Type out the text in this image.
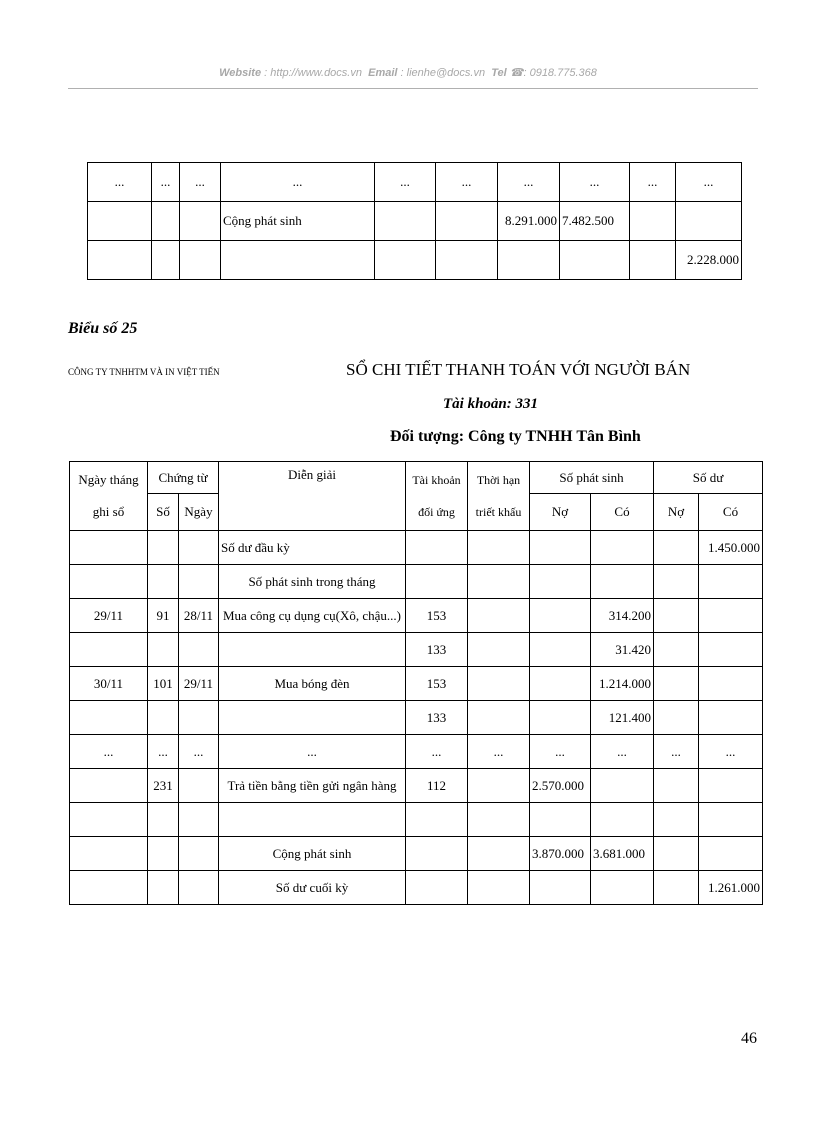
Website : http://www.docs.vn Email : lienhe@docs.vn Tel ☎: 0918.775.368
...	...	...	...	...	...	...	...	...	...
			Cộng phát sinh			8.291.000	7.482.500		
									2.228.000
Biểu số 25
CÔNG TY TNHHTM VÀ IN VIỆT TIẾN	SỔ CHI TIẾT THANH TOÁN VỚI NGƯỜI BÁN
Tài khoản: 331
Đối tượng: Công ty TNHH Tân Bình
Ngày tháng ghi sổ	Chứng từ		Diễn giải	Tài khoản đối ứng	Thời hạn triết khấu	Số phát sinh		Số dư	
	Số	Ngày				Nợ	Có	Nợ	Có
			Số dư đầu kỳ						1.450.000
			Số phát sinh trong tháng						
29/11	91	28/11	Mua công cụ dụng cụ(Xô, chậu...)	153			314.200		
				133			31.420		
30/11	101	29/11	Mua bóng đèn	153			1.214.000		
				133			121.400		
...	...	...	...	...	...	...	...	...	...
	231		Trả tiền bằng tiền gửi ngân hàng	112		2.570.000			

			Cộng phát sinh			3.870.000	3.681.000		
			Số dư cuối kỳ						1.261.000
46
